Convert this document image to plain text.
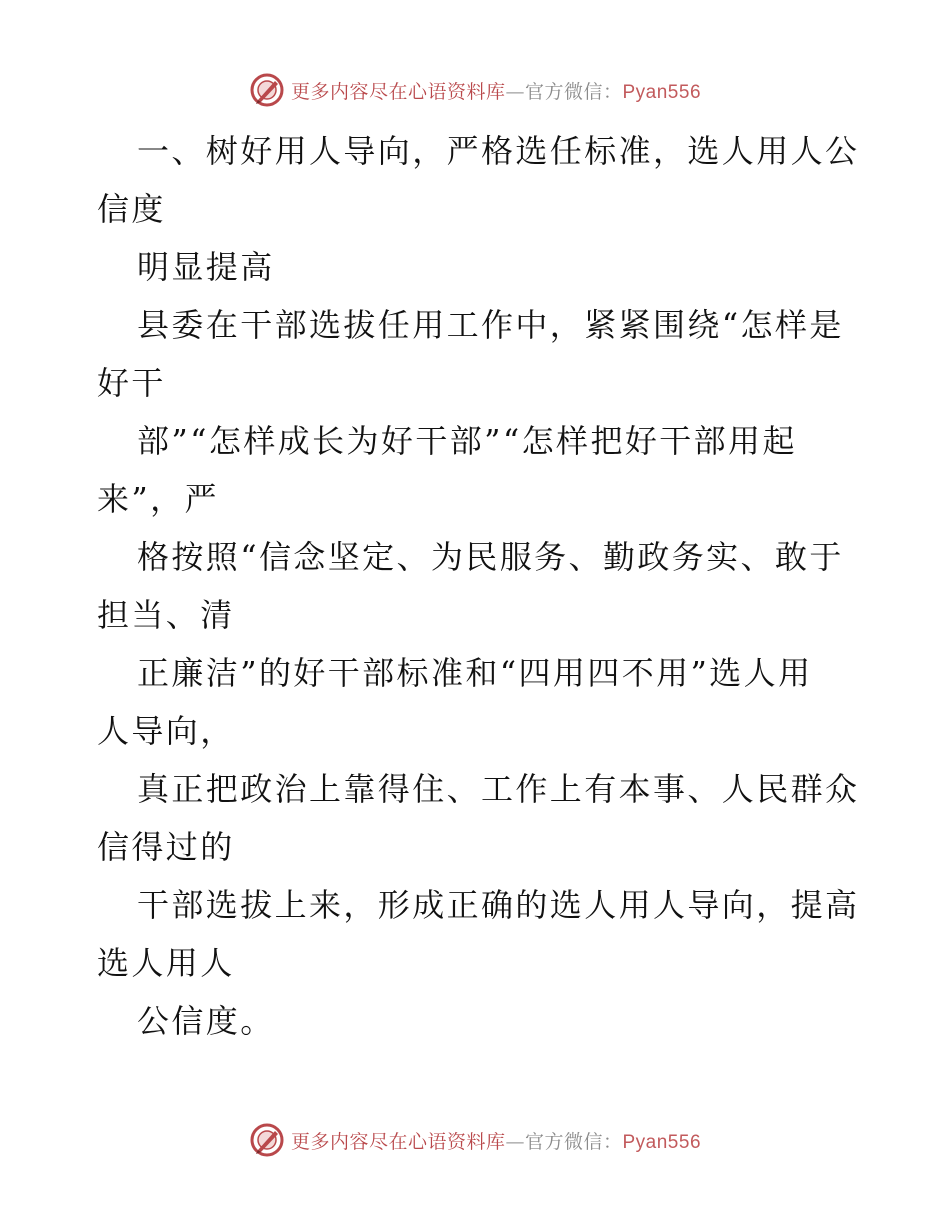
更多内容尽在心语资料库—官方微信：Pyan556
一、树好用人导向，严格选任标准，选人用人公
信度
明显提高
县委在干部选拔任用工作中，紧紧围绕“怎样是
好干
部”“怎样成长为好干部”“怎样把好干部用起
来”，严
格按照“信念坚定、为民服务、勤政务实、敢于
担当、清
正廉洁”的好干部标准和“四用四不用”选人用
人导向，
真正把政治上靠得住、工作上有本事、人民群众
信得过的
干部选拔上来，形成正确的选人用人导向，提高
选人用人
公信度。
更多内容尽在心语资料库—官方微信：Pyan556
